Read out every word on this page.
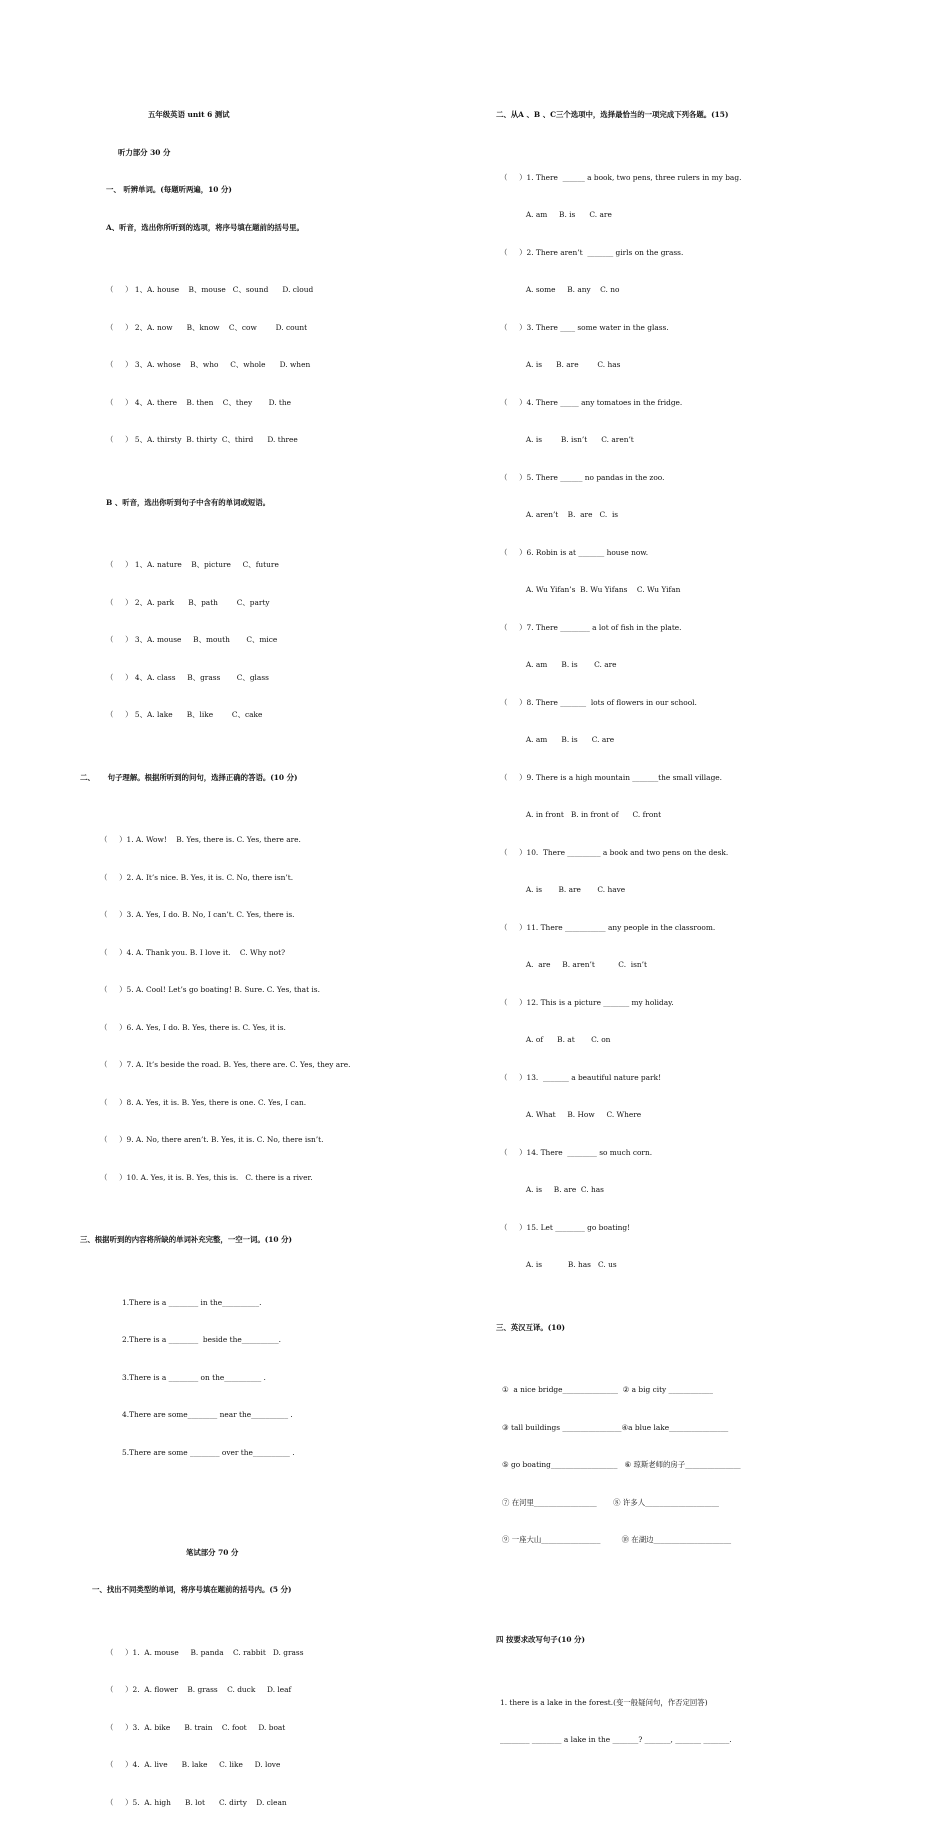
五年级英语 unit 6 测试

听力部分 30 分

一、 听辨单词。(每题听两遍，10 分)

A、听音，选出你所听到的选项，将序号填在题前的括号里。

（     ） 1、A. house    B、mouse   C、sound      D. cloud

（     ） 2、A. now      B、know    C、cow        D. count

（     ） 3、A. whose    B、who     C、whole      D. when

（     ） 4、A. there    B. then    C、they       D. the

（     ） 5、A. thirsty  B. thirty  C、third      D. three

B 、听音，选出你听到句子中含有的单词或短语。

（     ） 1、A. nature    B、picture     C、future

（     ） 2、A. park      B、path        C、party

（     ） 3、A. mouse     B、mouth       C、mice

（     ） 4、A. class     B、grass       C、glass

（     ） 5、A. lake      B、like        C、cake

二、     句子理解。根据所听到的问句，选择正确的答语。(10 分)

（     ）1. A. Wow!    B. Yes, there is. C. Yes, there are.

（     ）2. A. It’s nice. B. Yes, it is. C. No, there isn’t.

（     ）3. A. Yes, I do. B. No, I can’t. C. Yes, there is.

（     ）4. A. Thank you. B. I love it.    C. Why not?

（     ）5. A. Cool! Let’s go boating! B. Sure. C. Yes, that is.

（     ）6. A. Yes, I do. B. Yes, there is. C. Yes, it is.

（     ）7. A. It’s beside the road. B. Yes, there are. C. Yes, they are.

（     ）8. A. Yes, it is. B. Yes, there is one. C. Yes, I can.

（     ）9. A. No, there aren’t. B. Yes, it is. C. No, there isn’t.

（     ）10. A. Yes, it is. B. Yes, this is.   C. there is a river.

三、根据听到的内容将所缺的单词补充完整，一空一词。(10 分)

1.There is a ________ in the__________.

2.There is a ________  beside the__________.

3.There is a ________ on the__________ .

4.There are some________ near the__________ .

5.There are some ________ over the__________ .

笔试部分 70 分

一、找出不同类型的单词，将序号填在题前的括号内。(5 分)

（     ）1.  A. mouse     B. panda    C. rabbit   D. grass

（     ）2.  A. flower    B. grass    C. duck     D. leaf

（     ）3.  A. bike      B. train    C. foot     D. boat

（     ）4.  A. live      B. lake     C. like     D. love

（     ）5.  A. high      B. lot      C. dirty    D. clean

二、从A 、B 、C三个选项中，选择最恰当的一项完成下列各题。(15)

（     ）1. There  ______ a book, two pens, three rulers in my bag.

A. am     B. is      C. are

（     ）2. There aren’t  _______ girls on the grass.

A. some     B. any    C. no

（     ）3. There ____ some water in the glass.

A. is      B. are        C. has

（     ）4. There _____ any tomatoes in the fridge.

A. is        B. isn’t      C. aren’t

（     ）5. There ______ no pandas in the zoo.

A. aren’t    B.  are   C.  is

（     ）6. Robin is at _______ house now.

A. Wu Yifan’s  B. Wu Yifans    C. Wu Yifan

（     ）7. There ________ a lot of fish in the plate.

A. am      B. is       C. are

（     ）8. There _______  lots of flowers in our school.

A. am      B. is      C. are

（     ）9. There is a high mountain _______the small village.

A. in front   B. in front of      C. front

（     ）10.  There _________ a book and two pens on the desk.

A. is       B. are       C. have

（     ）11. There ___________ any people in the classroom.

A.  are     B. aren’t          C.  isn’t

（     ）12. This is a picture _______ my holiday.

A. of      B. at       C. on

（     ）13.  _______ a beautiful nature park!

A. What     B. How     C. Where

（     ）14. There  ________ so much corn.

A. is     B. are  C. has

（     ）15. Let ________ go boating!

A. is           B. has   C. us

三、英汉互译。(10)

①  a nice bridge_______________  ② a big city ____________

③ tall buildings ________________④a blue lake________________

⑤ go boating__________________   ⑥ 琼斯老师的房子_______________

⑦ 在河里_________________       ⑧ 许多人____________________

⑨ 一座大山________________         ⑩ 在湖边_____________________

四 按要求改写句子(10 分)

1. there is a lake in the forest.(变一般疑问句，作否定回答)

________ ________ a lake in the _______? _______, _______ _______.
